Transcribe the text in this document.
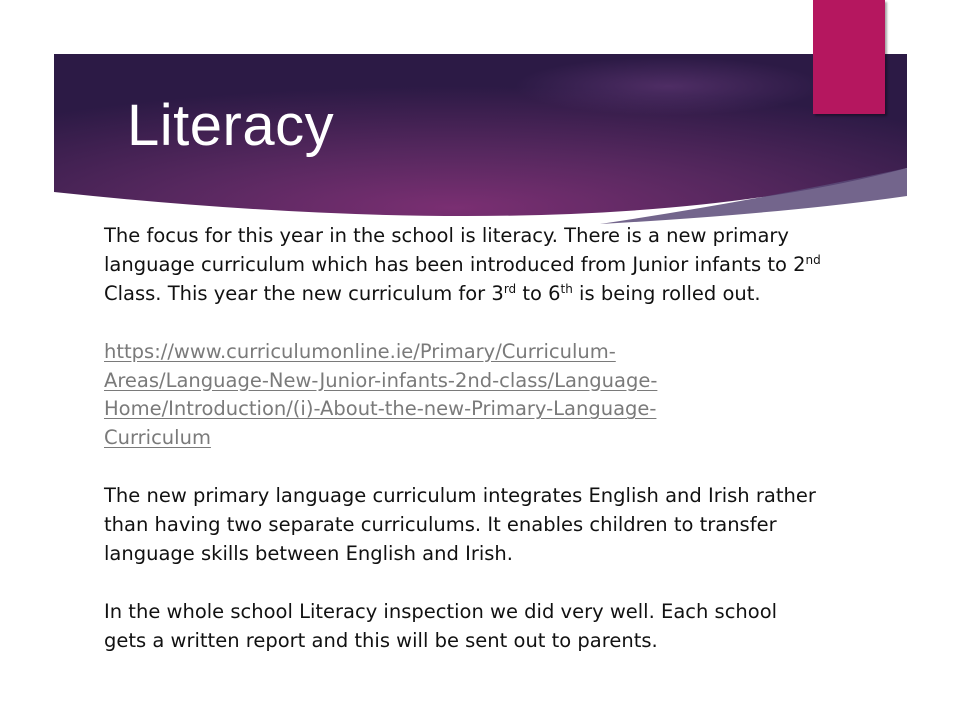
Literacy

The focus for this year in the school is literacy. There is a new primary language curriculum which has been introduced from Junior infants to 2nd Class. This year the new curriculum for 3rd to 6th is being rolled out.

https://www.curriculumonline.ie/Primary/Curriculum-
Areas/Language-New-Junior-infants-2nd-class/Language-
Home/Introduction/(i)-About-the-new-Primary-Language-
Curriculum

The new primary language curriculum integrates English and Irish rather than having two separate curriculums. It enables children to transfer language skills between English and Irish.

In the whole school Literacy inspection we did very well. Each school gets a written report and this will be sent out to parents.
